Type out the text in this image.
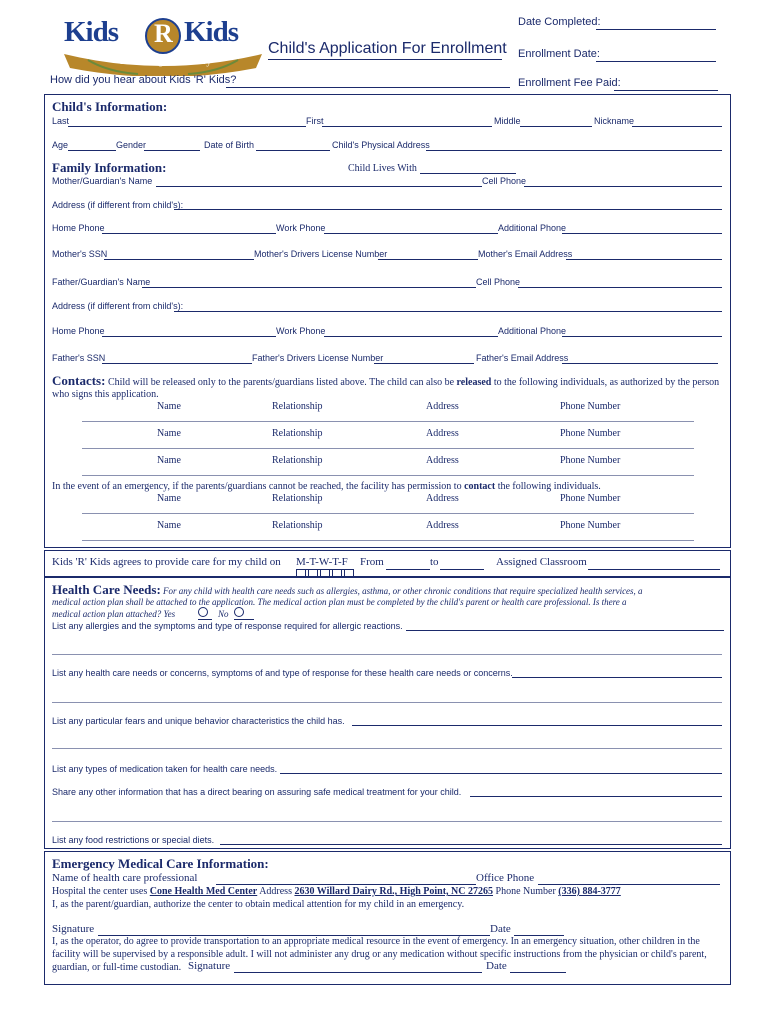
Kids R Kids
Learning Academy
Child's Application For Enrollment
Date Completed:
Enrollment Date:
Enrollment Fee Paid:
How did you hear about Kids 'R' Kids?
Child's Information:
Last	First	Middle	Nickname
Age	Gender	Date of Birth	Child's Physical Address
Family Information:	Child Lives With
Mother/Guardian's Name	Cell Phone
Address (if different from child's):
Home Phone	Work Phone	Additional Phone
Mother's SSN	Mother's Drivers License Number	Mother's Email Address
Father/Guardian's Name	Cell Phone
Address (if different from child's):
Home Phone	Work Phone	Additional Phone
Father's SSN	Father's Drivers License Number	Father's Email Address
Contacts: Child will be released only to the parents/guardians listed above. The child can also be released to the following individuals, as authorized by the person who signs this application.
Name	Relationship	Address	Phone Number
Name	Relationship	Address	Phone Number
Name	Relationship	Address	Phone Number
In the event of an emergency, if the parents/guardians cannot be reached, the facility has permission to contact the following individuals.
Name	Relationship	Address	Phone Number
Name	Relationship	Address	Phone Number
Kids 'R' Kids agrees to provide care for my child on M-T-W-T-F From	to	Assigned Classroom
Health Care Needs: For any child with health care needs such as allergies, asthma, or other chronic conditions that require specialized health services, a
medical action plan shall be attached to the application. The medical action plan must be completed by the child's parent or health care professional. Is there a
medical action plan attached? Yes	No
List any allergies and the symptoms and type of response required for allergic reactions.
List any health care needs or concerns, symptoms of and type of response for these health care needs or concerns.
List any particular fears and unique behavior characteristics the child has.
List any types of medication taken for health care needs.
Share any other information that has a direct bearing on assuring safe medical treatment for your child.
List any food restrictions or special diets.
Emergency Medical Care Information:
Name of health care professional	Office Phone
Hospital the center uses Cone Health Med Center Address 2630 Willard Dairy Rd., High Point, NC 27265 Phone Number (336) 884-3777
I, as the parent/guardian, authorize the center to obtain medical attention for my child in an emergency.
Signature	Date
I, as the operator, do agree to provide transportation to an appropriate medical resource in the event of emergency. In an emergency situation, other children in the
facility will be supervised by a responsible adult. I will not administer any drug or any medication without specific instructions from the physician or child's parent,
guardian, or full-time custodian. Signature	Date
